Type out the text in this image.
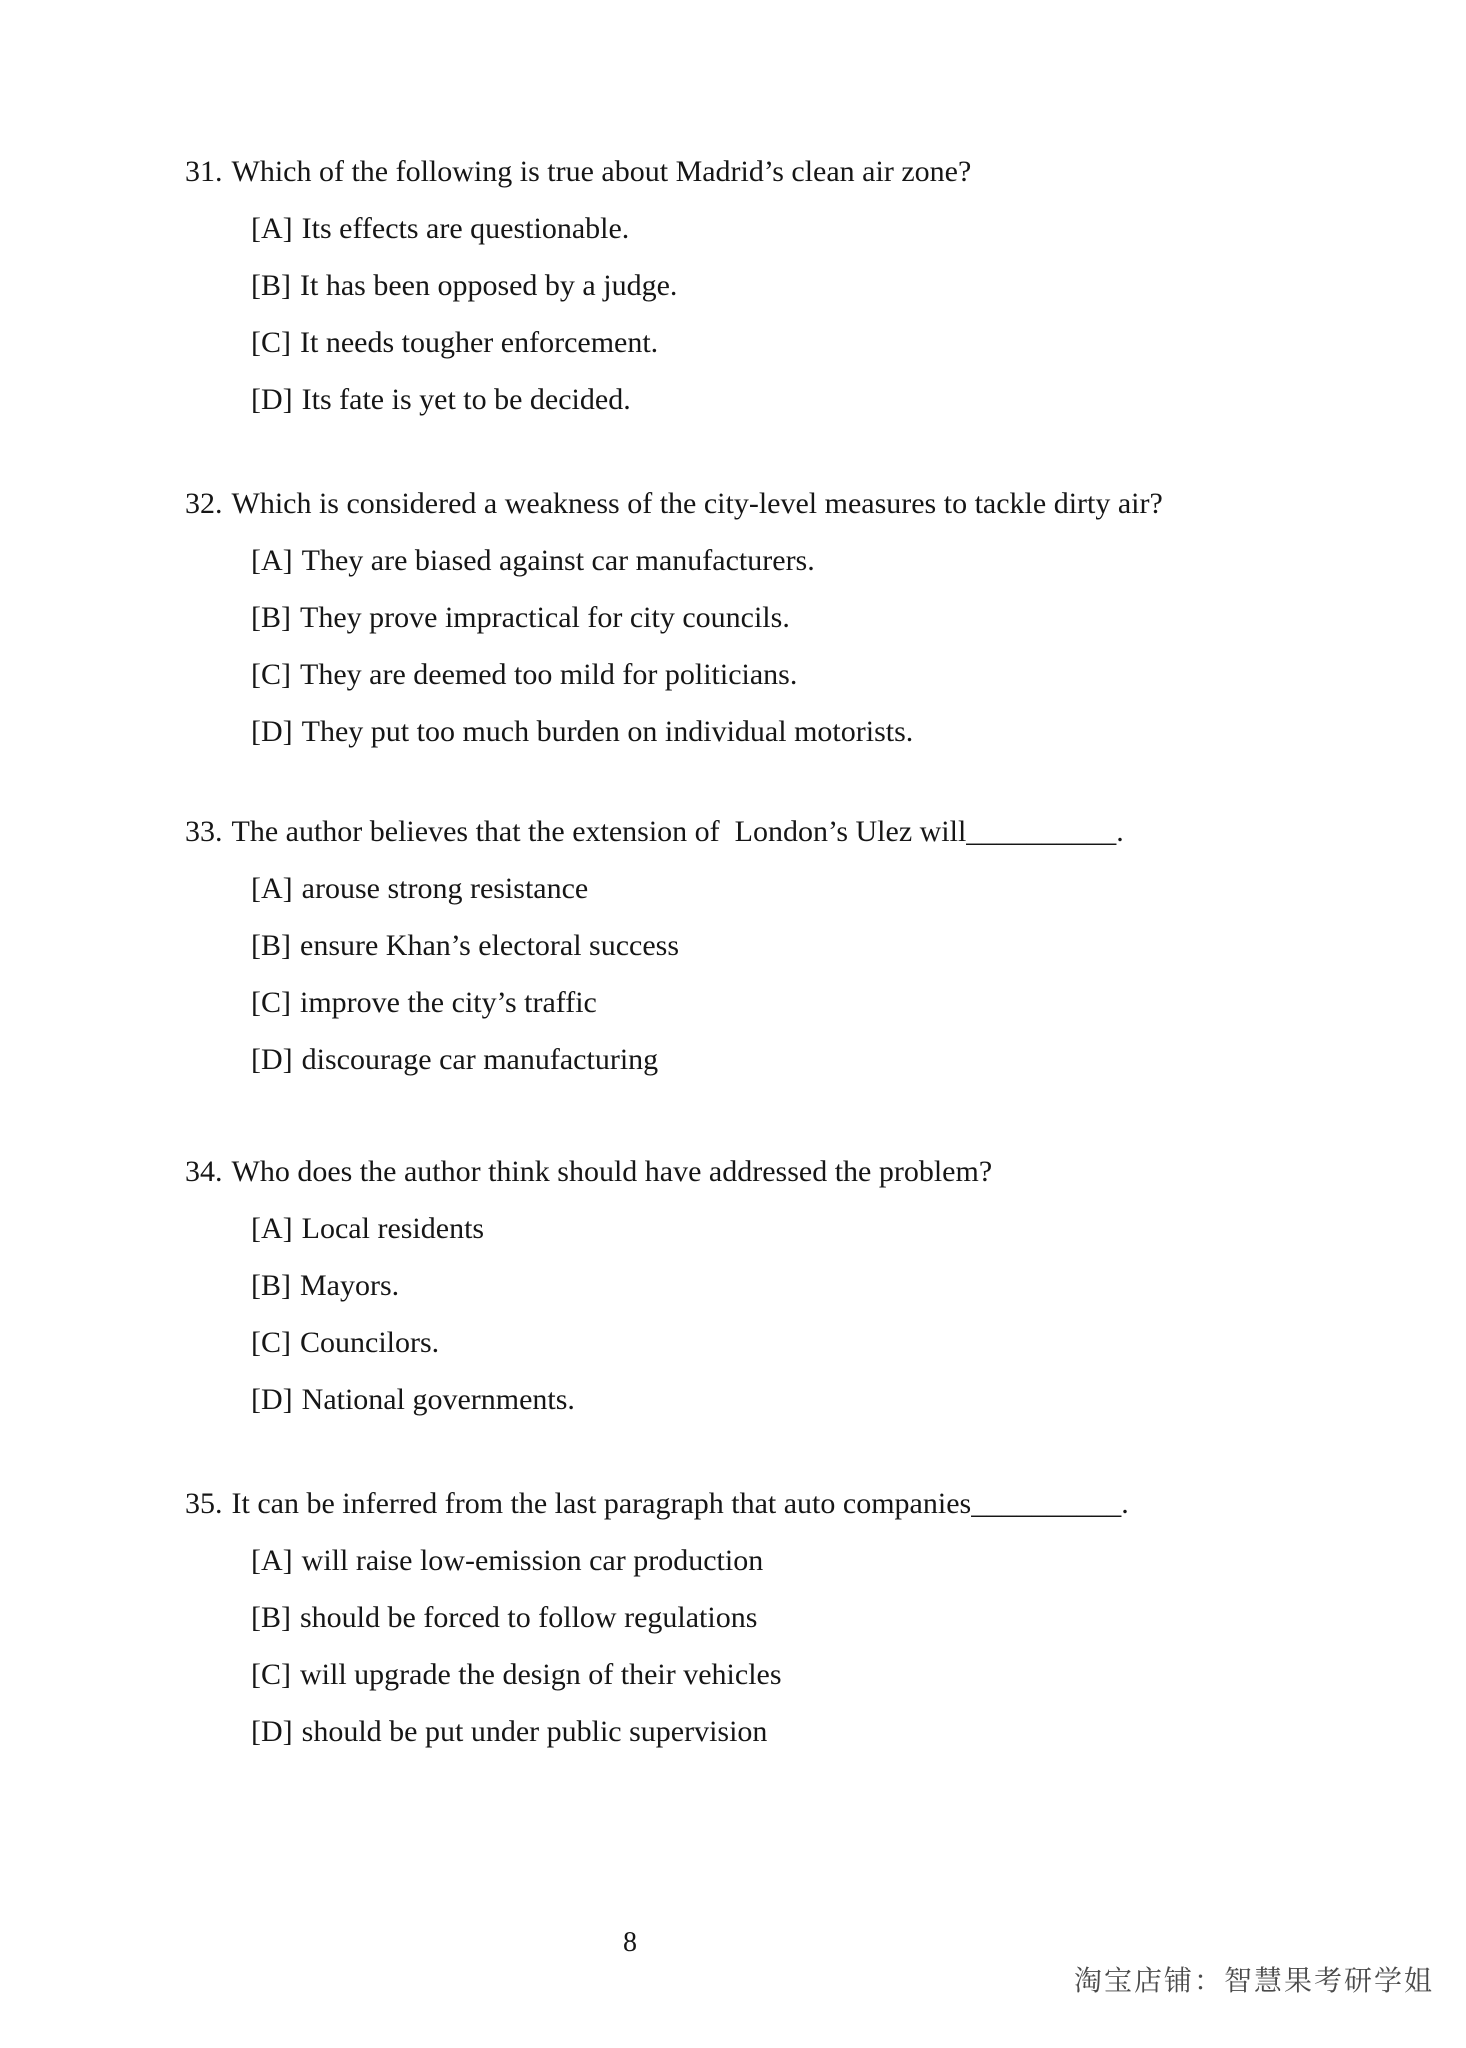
31. Which of the following is true about Madrid’s clean air zone?
[A] Its effects are questionable.
[B] It has been opposed by a judge.
[C] It needs tougher enforcement.
[D] Its fate is yet to be decided.
32. Which is considered a weakness of the city-level measures to tackle dirty air?
[A] They are biased against car manufacturers.
[B] They prove impractical for city councils.
[C] They are deemed too mild for politicians.
[D] They put too much burden on individual motorists.
33. The author believes that the extension of  London’s Ulez will__________.
[A] arouse strong resistance
[B] ensure Khan’s electoral success
[C] improve the city’s traffic
[D] discourage car manufacturing
34. Who does the author think should have addressed the problem?
[A] Local residents
[B] Mayors.
[C] Councilors.
[D] National governments.
35. It can be inferred from the last paragraph that auto companies__________.
[A] will raise low-emission car production
[B] should be forced to follow regulations
[C] will upgrade the design of their vehicles
[D] should be put under public supervision
8
淘宝店铺：智慧果考研学姐
